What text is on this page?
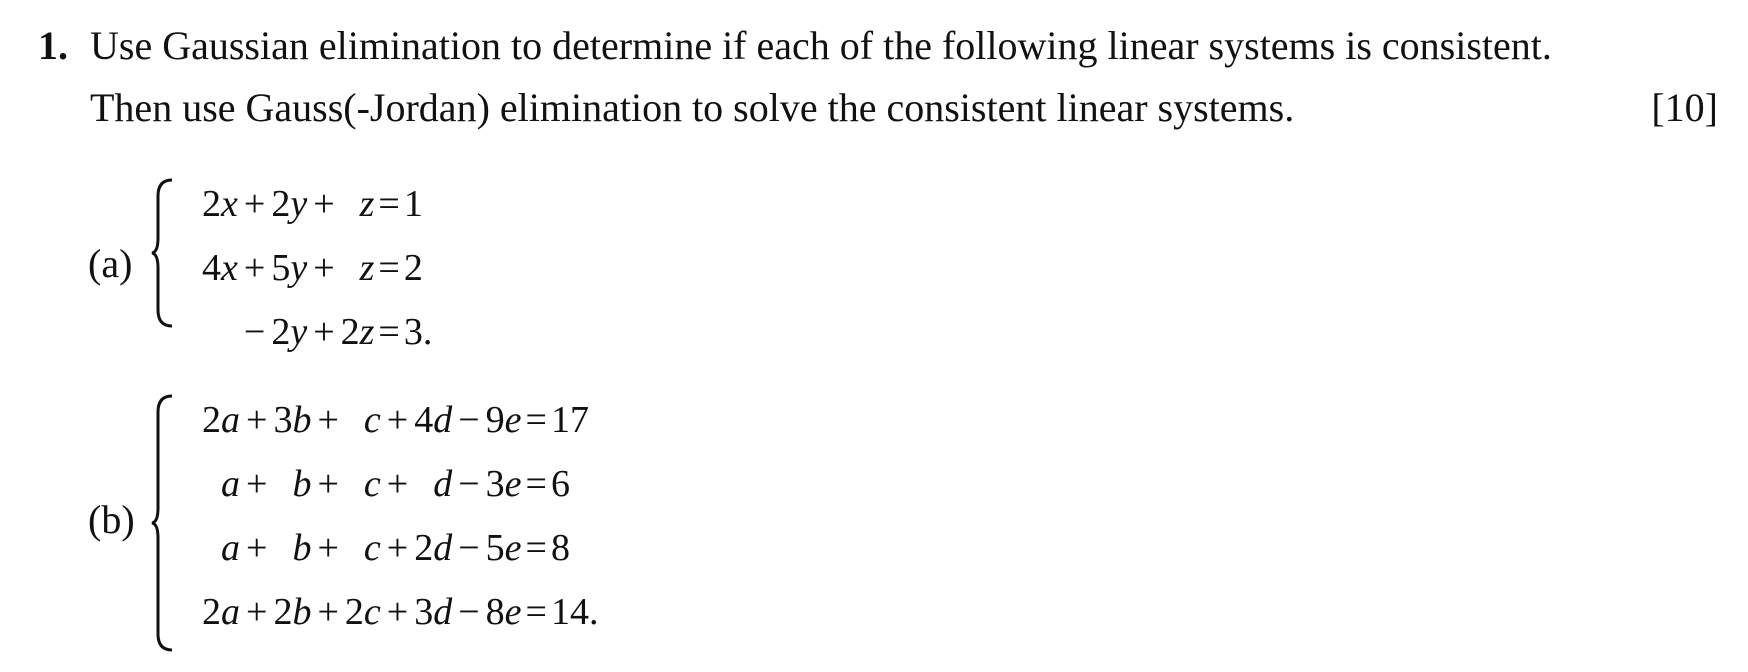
1. Use Gaussian elimination to determine if each of the following linear systems is consistent.
Then use Gauss(-Jordan) elimination to solve the consistent linear systems.	[10]
(a)
2x	+	2y	+	z	=	1
4x	+	5y	+	z	=	2
	−	2y	+	2z	=	3.
(b)
2a	+	3b	+	c	+	4d	−	9e	=	17
a	+	b	+	c	+	d	−	3e	=	6
a	+	b	+	c	+	2d	−	5e	=	8
2a	+	2b	+	2c	+	3d	−	8e	=	14.
